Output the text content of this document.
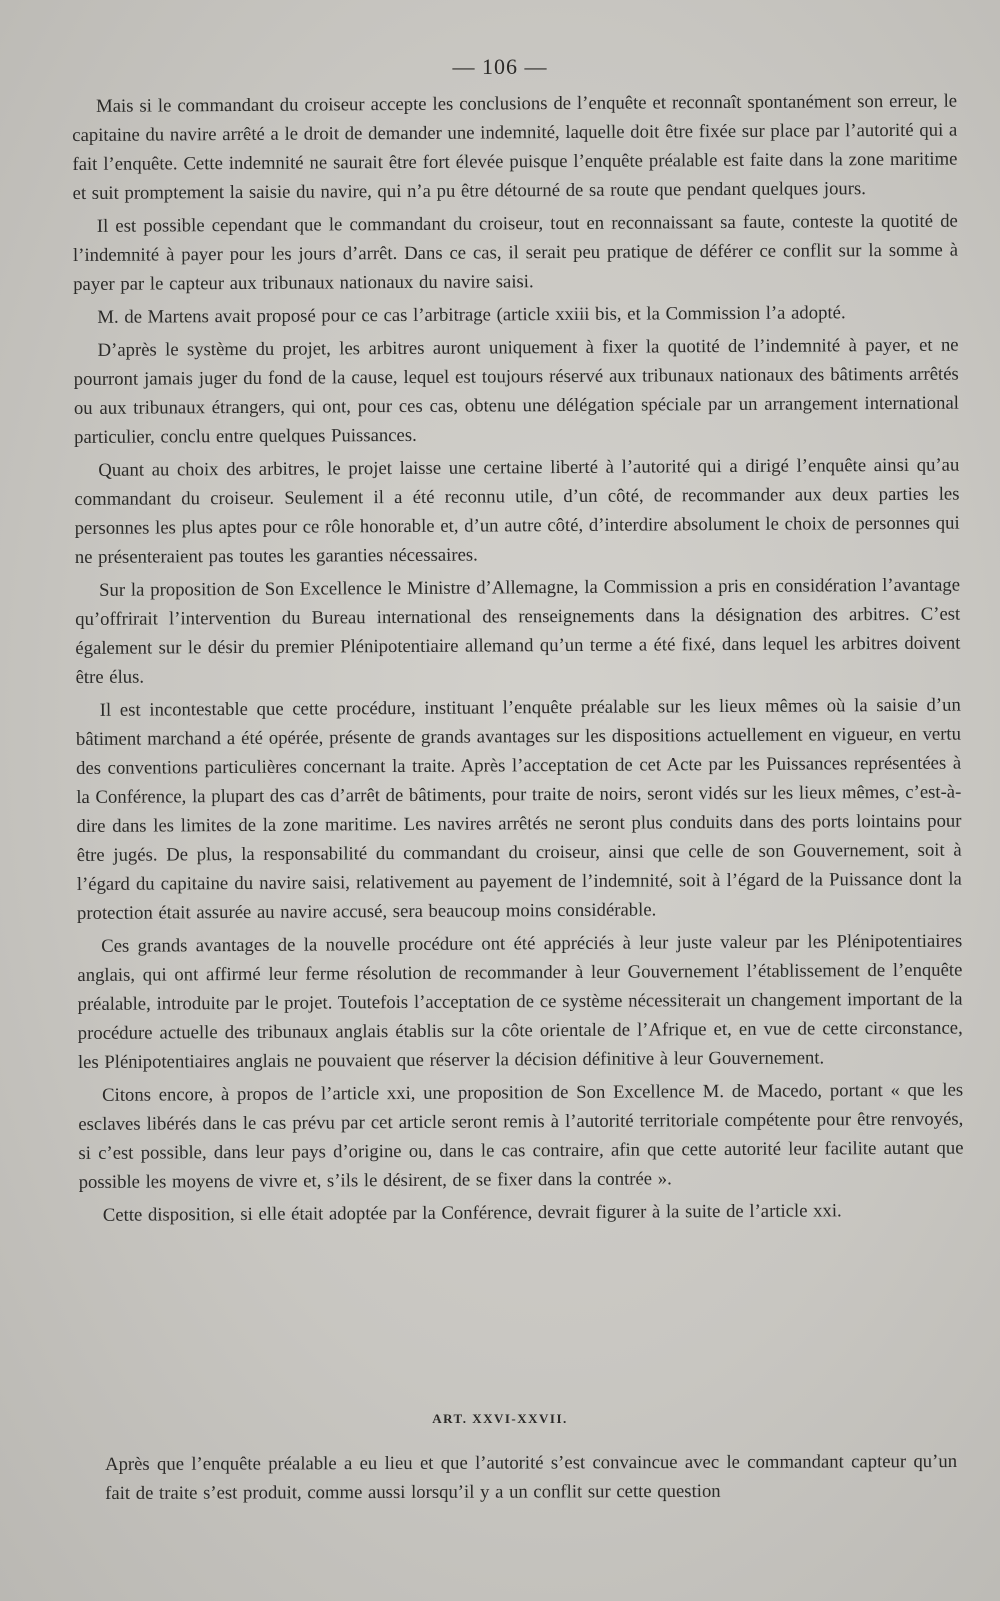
— 106 —

Mais si le commandant du croiseur accepte les conclusions de l’enquête et reconnaît spontanément son erreur, le capitaine du navire arrêté a le droit de demander une indemnité, laquelle doit être fixée sur place par l’autorité qui a fait l’enquête. Cette indemnité ne saurait être fort élevée puisque l’enquête préalable est faite dans la zone maritime et suit promptement la saisie du navire, qui n’a pu être détourné de sa route que pendant quelques jours.

Il est possible cependant que le commandant du croiseur, tout en reconnaissant sa faute, conteste la quotité de l’indemnité à payer pour les jours d’arrêt. Dans ce cas, il serait peu pratique de déférer ce conflit sur la somme à payer par le capteur aux tribunaux nationaux du navire saisi.

M. de Martens avait proposé pour ce cas l’arbitrage (article xxiii bis, et la Commission l’a adopté.

D’après le système du projet, les arbitres auront uniquement à fixer la quotité de l’indemnité à payer, et ne pourront jamais juger du fond de la cause, lequel est toujours réservé aux tribunaux nationaux des bâtiments arrêtés ou aux tribunaux étrangers, qui ont, pour ces cas, obtenu une délégation spéciale par un arrangement international particulier, conclu entre quelques Puissances.

Quant au choix des arbitres, le projet laisse une certaine liberté à l’autorité qui a dirigé l’enquête ainsi qu’au commandant du croiseur. Seulement il a été reconnu utile, d’un côté, de recommander aux deux parties les personnes les plus aptes pour ce rôle honorable et, d’un autre côté, d’interdire absolument le choix de personnes qui ne présenteraient pas toutes les garanties nécessaires.

Sur la proposition de Son Excellence le Ministre d’Allemagne, la Commission a pris en considération l’avantage qu’offrirait l’intervention du Bureau international des renseignements dans la désignation des arbitres. C’est également sur le désir du premier Plénipotentiaire allemand qu’un terme a été fixé, dans lequel les arbitres doivent être élus.

Il est incontestable que cette procédure, instituant l’enquête préalable sur les lieux mêmes où la saisie d’un bâtiment marchand a été opérée, présente de grands avantages sur les dispositions actuellement en vigueur, en vertu des conventions particulières concernant la traite. Après l’acceptation de cet Acte par les Puissances représentées à la Conférence, la plupart des cas d’arrêt de bâtiments, pour traite de noirs, seront vidés sur les lieux mêmes, c’est-à-dire dans les limites de la zone maritime. Les navires arrêtés ne seront plus conduits dans des ports lointains pour être jugés. De plus, la responsabilité du commandant du croiseur, ainsi que celle de son Gouvernement, soit à l’égard du capitaine du navire saisi, relativement au payement de l’indemnité, soit à l’égard de la Puissance dont la protection était assurée au navire accusé, sera beaucoup moins considérable.

Ces grands avantages de la nouvelle procédure ont été appréciés à leur juste valeur par les Plénipotentiaires anglais, qui ont affirmé leur ferme résolution de recommander à leur Gouvernement l’établissement de l’enquête préalable, introduite par le projet. Toutefois l’acceptation de ce système nécessiterait un changement important de la procédure actuelle des tribunaux anglais établis sur la côte orientale de l’Afrique et, en vue de cette circonstance, les Plénipotentiaires anglais ne pouvaient que réserver la décision définitive à leur Gouvernement.

Citons encore, à propos de l’article xxi, une proposition de Son Excellence M. de Macedo, portant « que les esclaves libérés dans le cas prévu par cet article seront remis à l’autorité territoriale compétente pour être renvoyés, si c’est possible, dans leur pays d’origine ou, dans le cas contraire, afin que cette autorité leur facilite autant que possible les moyens de vivre et, s’ils le désirent, de se fixer dans la contrée ».

Cette disposition, si elle était adoptée par la Conférence, devrait figurer à la suite de l’article xxi.

ART. XXVI-XXVII.

Après que l’enquête préalable a eu lieu et que l’autorité s’est convaincue avec le commandant capteur qu’un fait de traite s’est produit, comme aussi lorsqu’il y a un conflit sur cette question
